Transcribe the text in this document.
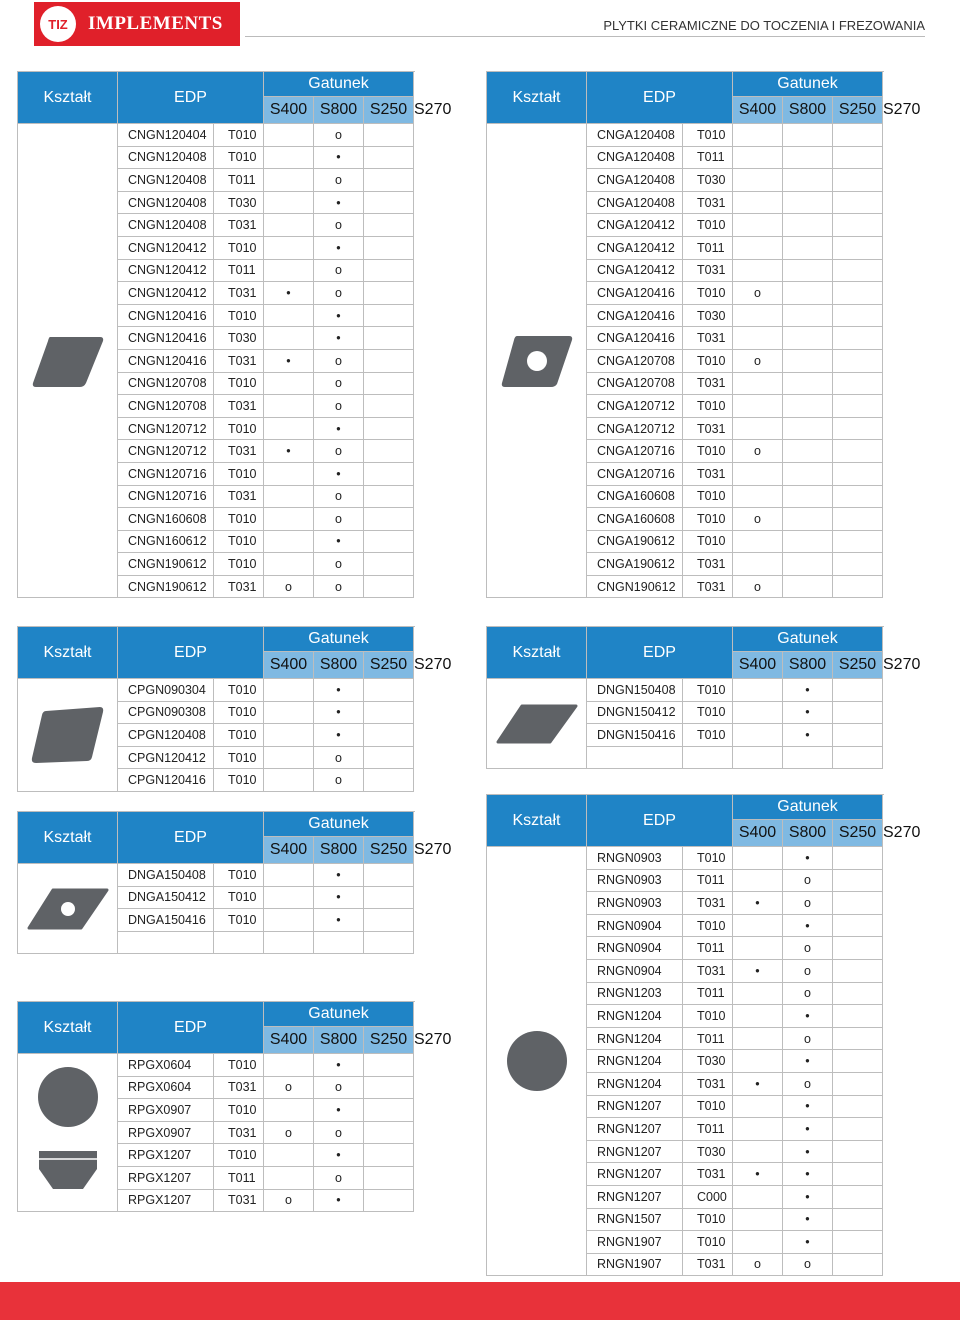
TIZ	IMPLEMENTS	PLYTKI CERAMICZNE DO TOCZENIA I FREZOWANIA
Kształt	EDP		Gatunek			
			S400	S800	S250	S270

	CNGN120404	T010		o		
	CNGN120408	T010		•		
	CNGN120408	T011		o		
	CNGN120408	T030		•		
	CNGN120408	T031		o		
	CNGN120412	T010		•		
	CNGN120412	T011		o		
	CNGN120412	T031	•	o		
	CNGN120416	T010		•		
	CNGN120416	T030		•		
	CNGN120416	T031	•	o		
	CNGN120708	T010		o		
	CNGN120708	T031		o		
	CNGN120712	T010		•		
	CNGN120712	T031	•	o		
	CNGN120716	T010		•		
	CNGN120716	T031		o		
	CNGN160608	T010		o		
	CNGN160612	T010		•		
	CNGN190612	T010		o		
	CNGN190612	T031	o	o		
Kształt	EDP		Gatunek			
			S400	S800	S250	S270

	CNGA120408	T010				
	CNGA120408	T011				
	CNGA120408	T030				
	CNGA120408	T031				
	CNGA120412	T010				
	CNGA120412	T011				
	CNGA120412	T031				
	CNGA120416	T010	o			
	CNGA120416	T030				
	CNGA120416	T031				
	CNGA120708	T010	o			
	CNGA120708	T031				
	CNGA120712	T010				
	CNGA120712	T031				
	CNGA120716	T010	o			
	CNGA120716	T031				
	CNGA160608	T010				
	CNGA160608	T010	o			
	CNGA190612	T010				
	CNGA190612	T031				
	CNGN190612	T031	o			
Kształt	EDP		Gatunek			
			S400	S800	S250	S270

	CPGN090304	T010		•		
	CPGN090308	T010		•		
	CPGN120408	T010		•		
	CPGN120412	T010		o		
	CPGN120416	T010		o		
Kształt	EDP		Gatunek			
			S400	S800	S250	S270

	DNGN150408	T010		•		
	DNGN150412	T010		•		
	DNGN150416	T010		•		

Kształt	EDP		Gatunek			
			S400	S800	S250	S270

	DNGA150408	T010		•		
	DNGA150412	T010		•		
	DNGA150416	T010		•		

Kształt	EDP		Gatunek			
			S400	S800	S250	S270

	RNGN0903	T010		•		
	RNGN0903	T011		o		
	RNGN0903	T031	•	o		
	RNGN0904	T010		•		
	RNGN0904	T011		o		
	RNGN0904	T031	•	o		
	RNGN1203	T011		o		
	RNGN1204	T010		•		
	RNGN1204	T011		o		
	RNGN1204	T030		•		
	RNGN1204	T031	•	o		
	RNGN1207	T010		•		
	RNGN1207	T011		•		
	RNGN1207	T030		•		
	RNGN1207	T031	•	•		
	RNGN1207	C000		•		
	RNGN1507	T010		•		
	RNGN1907	T010		•		
	RNGN1907	T031	o	o		
Kształt	EDP		Gatunek			
			S400	S800	S250	S270

	RPGX0604	T010		•		
	RPGX0604	T031	o	o		
	RPGX0907	T010		•		
	RPGX0907	T031	o	o		
	RPGX1207	T010		•		
	RPGX1207	T011		o		
	RPGX1207	T031	o	•		
